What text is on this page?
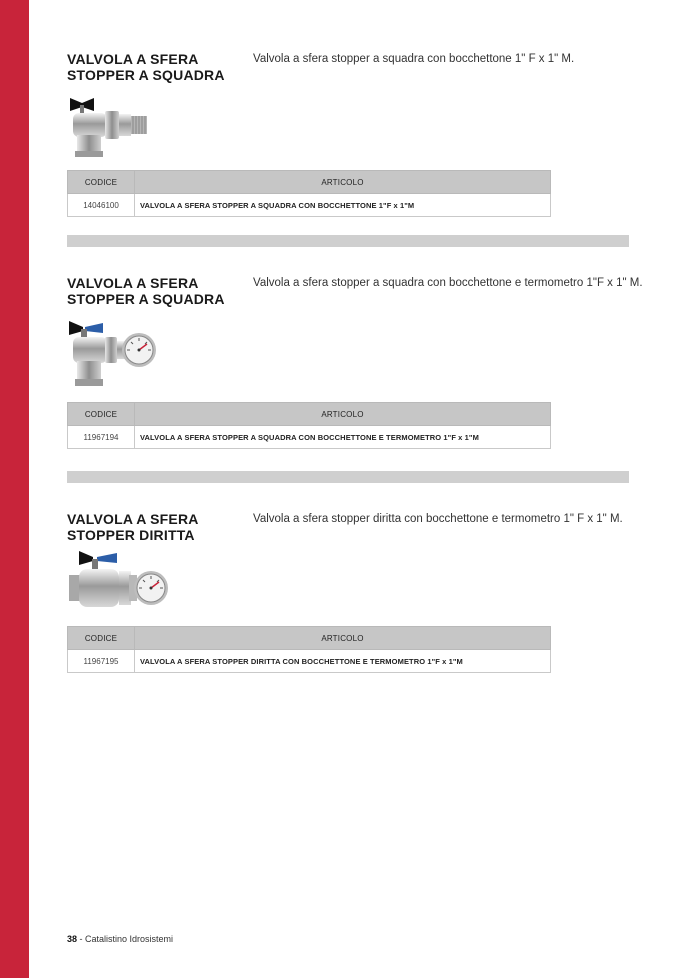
VALVOLA A SFERA
STOPPER A SQUADRA
Valvola a sfera stopper a squadra con bocchettone 1" F x 1" M.
CODICE	ARTICOLO
14046100	VALVOLA A SFERA STOPPER A SQUADRA CON BOCCHETTONE 1"F x 1"M
VALVOLA A SFERA
STOPPER A SQUADRA
Valvola a sfera stopper a squadra con bocchettone e termometro 1"F x 1" M.
CODICE	ARTICOLO
11967194	VALVOLA A SFERA STOPPER A SQUADRA CON BOCCHETTONE E TERMOMETRO 1"F x 1"M
VALVOLA A SFERA
STOPPER DIRITTA
Valvola a sfera stopper diritta con bocchettone e termometro 1" F x 1" M.
CODICE	ARTICOLO
11967195	VALVOLA A SFERA STOPPER DIRITTA CON BOCCHETTONE E TERMOMETRO 1"F x 1"M
38 - Catalistino Idrosistemi
